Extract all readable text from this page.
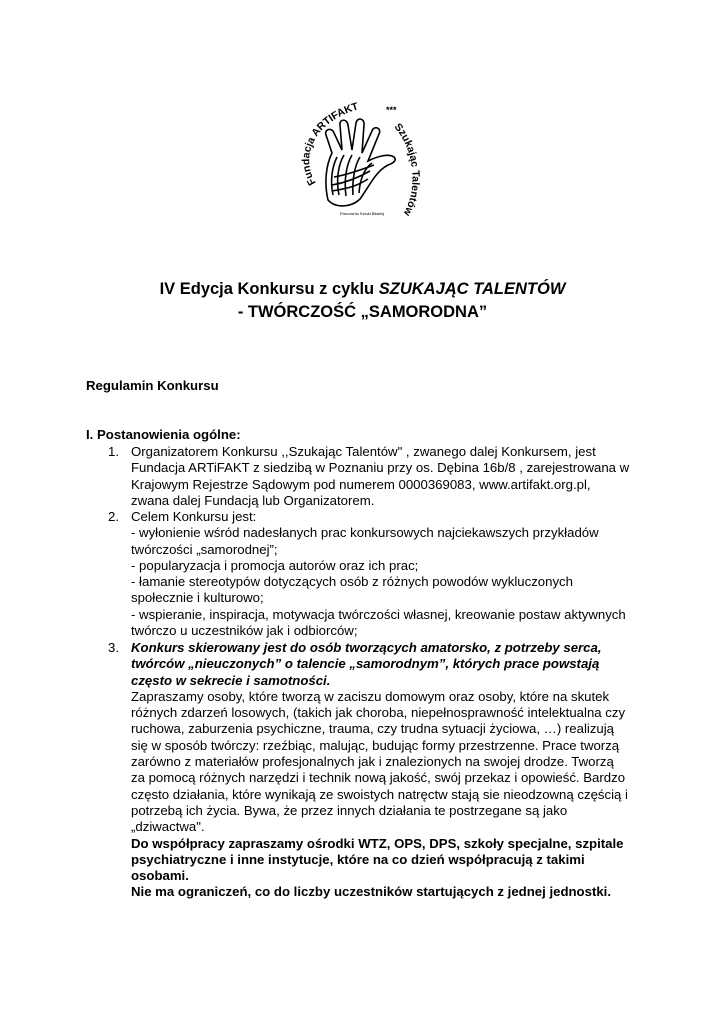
Fundacja ARTIFAKT	***
Szukając Talentów
Pracownia Sztuki Bliskiej
IV Edycja Konkursu z cyklu SZUKAJĄC TALENTÓW
- TWÓRCZOŚĆ „SAMORODNA”
Regulamin Konkursu
I. Postanowienia ogólne:
1. Organizatorem Konkursu ,,Szukając Talentów" , zwanego dalej Konkursem, jest
Fundacja ARTiFAKT z siedzibą w Poznaniu przy os. Dębina 16b/8 , zarejestrowana w
Krajowym Rejestrze Sądowym pod numerem 0000369083, www.artifakt.org.pl,
zwana dalej Fundacją lub Organizatorem.
2. Celem Konkursu jest:
- wyłonienie wśród nadesłanych prac konkursowych najciekawszych przykładów
twórczości „samorodnej”;
- popularyzacja i promocja autorów oraz ich prac;
- łamanie stereotypów dotyczących osób z różnych powodów wykluczonych
społecznie i kulturowo;
- wspieranie, inspiracja, motywacja twórczości własnej, kreowanie postaw aktywnych
twórczo u uczestników jak i odbiorców;
3. Konkurs skierowany jest do osób tworzących amatorsko, z potrzeby serca,
twórców „nieuczonych” o talencie „samorodnym”, których prace powstają
często w sekrecie i samotności.
Zapraszamy osoby, które tworzą w zaciszu domowym oraz osoby, które na skutek
różnych zdarzeń losowych, (takich jak choroba, niepełnosprawność intelektualna czy
ruchowa, zaburzenia psychiczne, trauma, czy trudna sytuacji życiowa, …) realizują
się w sposób twórczy: rzeźbiąc, malując, budując formy przestrzenne. Prace tworzą
zarówno z materiałów profesjonalnych jak i znalezionych na swojej drodze. Tworzą
za pomocą różnych narzędzi i technik nową jakość, swój przekaz i opowieść. Bardzo
często działania, które wynikają ze swoistych natręctw stają sie nieodzowną częścią i
potrzebą ich życia. Bywa, że przez innych działania te postrzegane są jako
„dziwactwa".
Do współpracy zapraszamy ośrodki WTZ, OPS, DPS, szkoły specjalne, szpitale
psychiatryczne i inne instytucje, które na co dzień współpracują z takimi
osobami.
Nie ma ograniczeń, co do liczby uczestników startujących z jednej jednostki.
